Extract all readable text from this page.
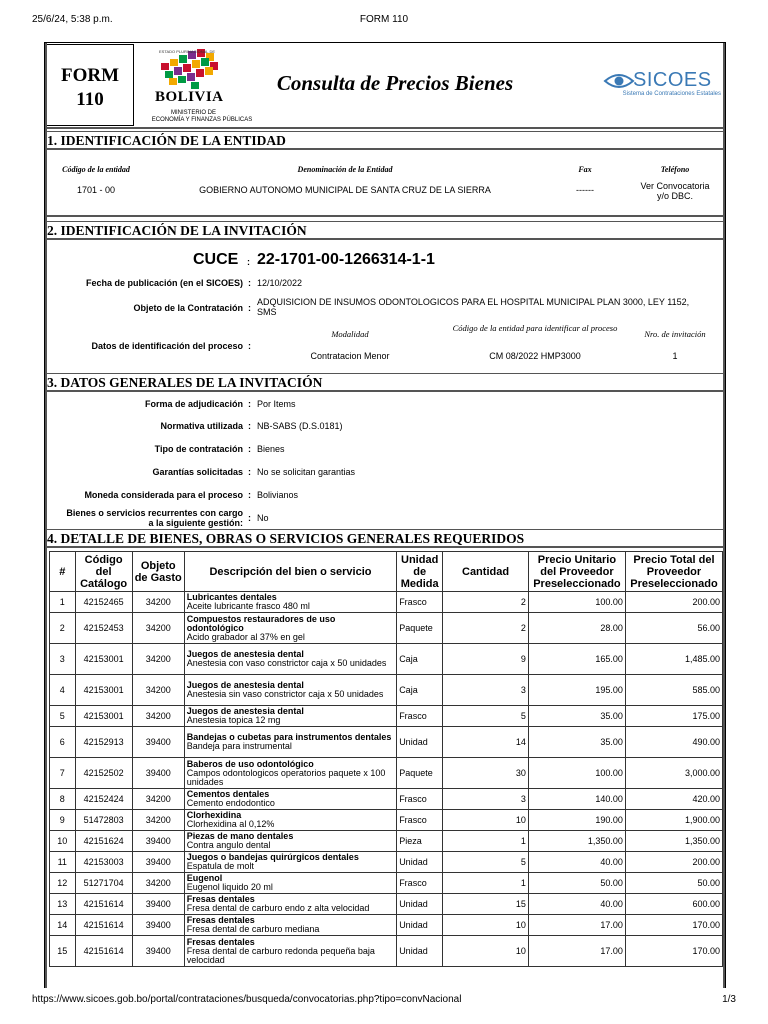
25/6/24, 5:38 p.m.	FORM 110
FORM
110
ESTADO PLURINACIONAL DE
BOLIVIA
MINISTERIO DE
ECONOMÍA Y FINANZAS PÚBLICAS
Consulta de Precios Bienes	SICOES
Sistema de Contrataciones Estatales
1. IDENTIFICACIÓN DE LA ENTIDAD
Código de la entidad	Denominación de la Entidad	Fax	Teléfono
1701 - 00	GOBIERNO AUTONOMO MUNICIPAL DE SANTA CRUZ DE LA SIERRA	------	Ver Convocatoria
y/o DBC.
2. IDENTIFICACIÓN DE LA INVITACIÓN
CUCE : 22-1701-00-1266314-1-1
Fecha de publicación (en el SICOES) : 12/10/2022
Objeto de la Contratación :
ADQUISICION DE INSUMOS ODONTOLOGICOS PARA EL HOSPITAL MUNICIPAL PLAN 3000, LEY 1152,
SMS
Modalidad
Código de la entidad para identificar al proceso
Nro. de invitación
Datos de identificación del proceso :
Contratacion Menor	CM 08/2022 HMP3000	1
3. DATOS GENERALES DE LA INVITACIÓN
Forma de adjudicación : Por Items
Normativa utilizada : NB-SABS (D.S.0181)
Tipo de contratación : Bienes
Garantías solicitadas : No se solicitan garantias
Moneda considerada para el proceso : Bolivianos
Bienes o servicios recurrentes con cargo
a la siguiente gestión: : No
4. DETALLE DE BIENES, OBRAS O SERVICIOS GENERALES REQUERIDOS
#	Código del Catálogo	Objeto de Gasto	Descripción del bien o servicio	Unidad de Medida	Cantidad	Precio Unitario del Proveedor Preseleccionado	Precio Total del Proveedor Preseleccionado
1	42152465	34200	Lubricantes dentales
Aceite lubricante frasco 480 ml	Frasco	2	100.00	200.00
2	42152453	34200	Compuestos restauradores de uso odontológico
Acido grabador al 37% en gel	Paquete	2	28.00	56.00
3	42153001	34200	Juegos de anestesia dental
Anestesia con vaso constrictor caja x 50 unidades	Caja	9	165.00	1,485.00
4	42153001	34200	Juegos de anestesia dental
Anestesia sin vaso constrictor caja x 50 unidades	Caja	3	195.00	585.00
5	42153001	34200	Juegos de anestesia dental
Anestesia topica 12 mg	Frasco	5	35.00	175.00
6	42152913	39400	Bandejas o cubetas para instrumentos dentales
Bandeja para instrumental	Unidad	14	35.00	490.00
7	42152502	39400	Baberos de uso odontológico
Campos odontologicos operatorios paquete x 100 unidades	Paquete	30	100.00	3,000.00
8	42152424	34200	Cementos dentales
Cemento endodontico	Frasco	3	140.00	420.00
9	51472803	34200	Clorhexidina
Clorhexidina al 0,12%	Frasco	10	190.00	1,900.00
10	42151624	39400	Piezas de mano dentales
Contra angulo dental	Pieza	1	1,350.00	1,350.00
11	42153003	39400	Juegos o bandejas quirúrgicos dentales
Espatula de molt	Unidad	5	40.00	200.00
12	51271704	34200	Eugenol
Eugenol liquido 20 ml	Frasco	1	50.00	50.00
13	42151614	39400	Fresas dentales
Fresa dental de carburo endo z alta velocidad	Unidad	15	40.00	600.00
14	42151614	39400	Fresas dentales
Fresa dental de carburo mediana	Unidad	10	17.00	170.00
15	42151614	39400	Fresas dentales
Fresa dental de carburo redonda pequeña baja velocidad	Unidad	10	17.00	170.00
https://www.sicoes.gob.bo/portal/contrataciones/busqueda/convocatorias.php?tipo=convNacional	1/3
